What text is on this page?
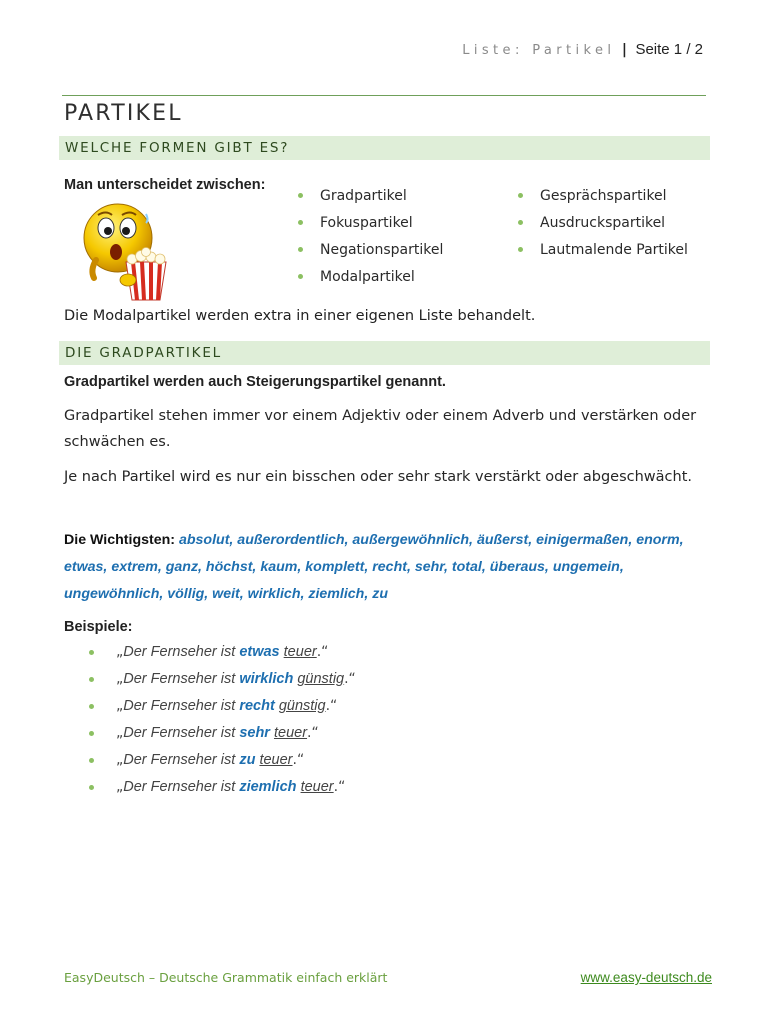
Liste: Partikel | Seite 1 / 2
PARTIKEL
WELCHE FORMEN GIBT ES?
Man unterscheidet zwischen:
Gradpartikel
Fokuspartikel
Negationspartikel
Modalpartikel
Gesprächspartikel
Ausdruckspartikel
Lautmalende Partikel
Die Modalpartikel werden extra in einer eigenen Liste behandelt.
DIE GRADPARTIKEL
Gradpartikel werden auch Steigerungspartikel genannt.
Gradpartikel stehen immer vor einem Adjektiv oder einem Adverb und verstärken oder schwächen es.
Je nach Partikel wird es nur ein bisschen oder sehr stark verstärkt oder abgeschwächt.
Die Wichtigsten: absolut, außerordentlich, außergewöhnlich, äußerst, einigermaßen, enorm, etwas, extrem, ganz, höchst, kaum, komplett, recht, sehr, total, überaus, ungemein, ungewöhnlich, völlig, weit, wirklich, ziemlich, zu
Beispiele:
„Der Fernseher ist etwas teuer.“
„Der Fernseher ist wirklich günstig.“
„Der Fernseher ist recht günstig.“
„Der Fernseher ist sehr teuer.“
„Der Fernseher ist zu teuer.“
„Der Fernseher ist ziemlich teuer.“
EasyDeutsch – Deutsche Grammatik einfach erklärt	www.easy-deutsch.de
